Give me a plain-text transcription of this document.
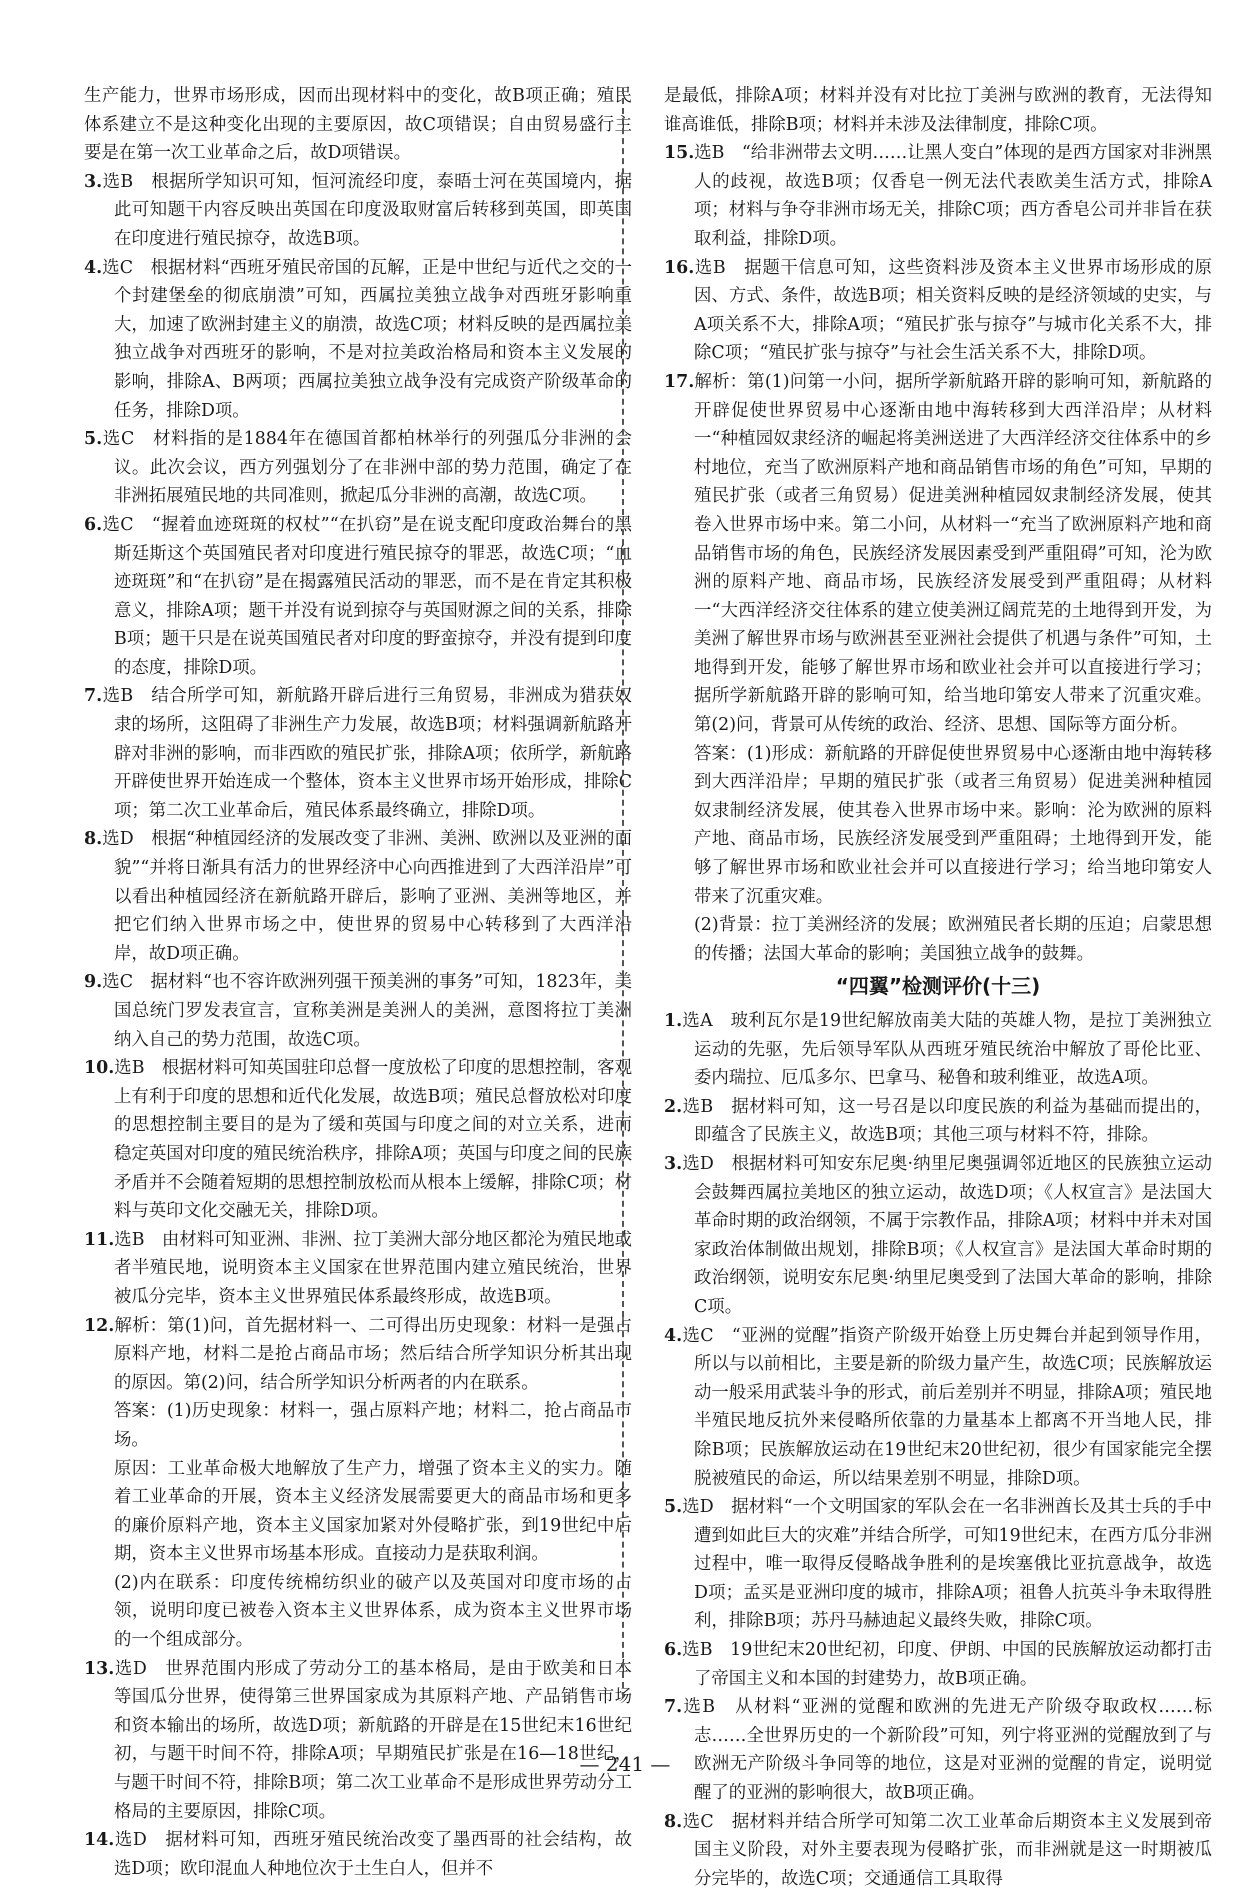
生产能力，世界市场形成，因而出现材料中的变化，故B项正确；殖民体系建立不是这种变化出现的主要原因，故C项错误；自由贸易盛行主要是在第一次工业革命之后，故D项错误。

3.选B　根据所学知识可知，恒河流经印度，泰晤士河在英国境内，据此可知题干内容反映出英国在印度汲取财富后转移到英国，即英国在印度进行殖民掠夺，故选B项。

4.选C　根据材料“西班牙殖民帝国的瓦解，正是中世纪与近代之交的一个封建堡垒的彻底崩溃”可知，西属拉美独立战争对西班牙影响重大，加速了欧洲封建主义的崩溃，故选C项；材料反映的是西属拉美独立战争对西班牙的影响，不是对拉美政治格局和资本主义发展的影响，排除A、B两项；西属拉美独立战争没有完成资产阶级革命的任务，排除D项。

5.选C　材料指的是1884年在德国首都柏林举行的列强瓜分非洲的会议。此次会议，西方列强划分了在非洲中部的势力范围，确定了在非洲拓展殖民地的共同准则，掀起瓜分非洲的高潮，故选C项。

6.选C　“握着血迹斑斑的权杖”“在扒窃”是在说支配印度政治舞台的黑斯廷斯这个英国殖民者对印度进行殖民掠夺的罪恶，故选C项；“血迹斑斑”和“在扒窃”是在揭露殖民活动的罪恶，而不是在肯定其积极意义，排除A项；题干并没有说到掠夺与英国财源之间的关系，排除B项；题干只是在说英国殖民者对印度的野蛮掠夺，并没有提到印度的态度，排除D项。

7.选B　结合所学可知，新航路开辟后进行三角贸易，非洲成为猎获奴隶的场所，这阻碍了非洲生产力发展，故选B项；材料强调新航路开辟对非洲的影响，而非西欧的殖民扩张，排除A项；依所学，新航路开辟使世界开始连成一个整体，资本主义世界市场开始形成，排除C项；第二次工业革命后，殖民体系最终确立，排除D项。

8.选D　根据“种植园经济的发展改变了非洲、美洲、欧洲以及亚洲的面貌”“并将日渐具有活力的世界经济中心向西推进到了大西洋沿岸”可以看出种植园经济在新航路开辟后，影响了亚洲、美洲等地区，并把它们纳入世界市场之中，使世界的贸易中心转移到了大西洋沿岸，故D项正确。

9.选C　据材料“也不容许欧洲列强干预美洲的事务”可知，1823年，美国总统门罗发表宣言，宣称美洲是美洲人的美洲，意图将拉丁美洲纳入自己的势力范围，故选C项。

10.选B　根据材料可知英国驻印总督一度放松了印度的思想控制，客观上有利于印度的思想和近代化发展，故选B项；殖民总督放松对印度的思想控制主要目的是为了缓和英国与印度之间的对立关系，进而稳定英国对印度的殖民统治秩序，排除A项；英国与印度之间的民族矛盾并不会随着短期的思想控制放松而从根本上缓解，排除C项；材料与英印文化交融无关，排除D项。

11.选B　由材料可知亚洲、非洲、拉丁美洲大部分地区都沦为殖民地或者半殖民地，说明资本主义国家在世界范围内建立殖民统治，世界被瓜分完毕，资本主义世界殖民体系最终形成，故选B项。

12.解析：第(1)问，首先据材料一、二可得出历史现象：材料一是强占原料产地，材料二是抢占商品市场；然后结合所学知识分析其出现的原因。第(2)问，结合所学知识分析两者的内在联系。

答案：(1)历史现象：材料一，强占原料产地；材料二，抢占商品市场。

原因：工业革命极大地解放了生产力，增强了资本主义的实力。随着工业革命的开展，资本主义经济发展需要更大的商品市场和更多的廉价原料产地，资本主义国家加紧对外侵略扩张，到19世纪中后期，资本主义世界市场基本形成。直接动力是获取利润。

(2)内在联系：印度传统棉纺织业的破产以及英国对印度市场的占领，说明印度已被卷入资本主义世界体系，成为资本主义世界市场的一个组成部分。

13.选D　世界范围内形成了劳动分工的基本格局，是由于欧美和日本等国瓜分世界，使得第三世界国家成为其原料产地、产品销售市场和资本输出的场所，故选D项；新航路的开辟是在15世纪末16世纪初，与题干时间不符，排除A项；早期殖民扩张是在16—18世纪，与题干时间不符，排除B项；第二次工业革命不是形成世界劳动分工格局的主要原因，排除C项。

14.选D　据材料可知，西班牙殖民统治改变了墨西哥的社会结构，故选D项；欧印混血人种地位次于土生白人，但并不

是最低，排除A项；材料并没有对比拉丁美洲与欧洲的教育，无法得知谁高谁低，排除B项；材料并未涉及法律制度，排除C项。

15.选B　“给非洲带去文明……让黑人变白”体现的是西方国家对非洲黑人的歧视，故选B项；仅香皂一例无法代表欧美生活方式，排除A项；材料与争夺非洲市场无关，排除C项；西方香皂公司并非旨在获取利益，排除D项。

16.选B　据题干信息可知，这些资料涉及资本主义世界市场形成的原因、方式、条件，故选B项；相关资料反映的是经济领域的史实，与A项关系不大，排除A项；“殖民扩张与掠夺”与城市化关系不大，排除C项；“殖民扩张与掠夺”与社会生活关系不大，排除D项。

17.解析：第(1)问第一小问，据所学新航路开辟的影响可知，新航路的开辟促使世界贸易中心逐渐由地中海转移到大西洋沿岸；从材料一“种植园奴隶经济的崛起将美洲送进了大西洋经济交往体系中的乡村地位，充当了欧洲原料产地和商品销售市场的角色”可知，早期的殖民扩张（或者三角贸易）促进美洲种植园奴隶制经济发展，使其卷入世界市场中来。第二小问，从材料一“充当了欧洲原料产地和商品销售市场的角色，民族经济发展因素受到严重阻碍”可知，沦为欧洲的原料产地、商品市场，民族经济发展受到严重阻碍；从材料一“大西洋经济交往体系的建立使美洲辽阔荒芜的土地得到开发，为美洲了解世界市场与欧洲甚至亚洲社会提供了机遇与条件”可知，土地得到开发，能够了解世界市场和欧业社会并可以直接进行学习；据所学新航路开辟的影响可知，给当地印第安人带来了沉重灾难。第(2)问，背景可从传统的政治、经济、思想、国际等方面分析。

答案：(1)形成：新航路的开辟促使世界贸易中心逐渐由地中海转移到大西洋沿岸；早期的殖民扩张（或者三角贸易）促进美洲种植园奴隶制经济发展，使其卷入世界市场中来。影响：沦为欧洲的原料产地、商品市场，民族经济发展受到严重阻碍；土地得到开发，能够了解世界市场和欧业社会并可以直接进行学习；给当地印第安人带来了沉重灾难。

(2)背景：拉丁美洲经济的发展；欧洲殖民者长期的压迫；启蒙思想的传播；法国大革命的影响；美国独立战争的鼓舞。

“四翼”检测评价(十三)

1.选A　玻利瓦尔是19世纪解放南美大陆的英雄人物，是拉丁美洲独立运动的先驱，先后领导军队从西班牙殖民统治中解放了哥伦比亚、委内瑞拉、厄瓜多尔、巴拿马、秘鲁和玻利维亚，故选A项。

2.选B　据材料可知，这一号召是以印度民族的利益为基础而提出的，即蕴含了民族主义，故选B项；其他三项与材料不符，排除。

3.选D　根据材料可知安东尼奥·纳里尼奥强调邻近地区的民族独立运动会鼓舞西属拉美地区的独立运动，故选D项；《人权宣言》是法国大革命时期的政治纲领，不属于宗教作品，排除A项；材料中并未对国家政治体制做出规划，排除B项；《人权宣言》是法国大革命时期的政治纲领，说明安东尼奥·纳里尼奥受到了法国大革命的影响，排除C项。

4.选C　“亚洲的觉醒”指资产阶级开始登上历史舞台并起到领导作用，所以与以前相比，主要是新的阶级力量产生，故选C项；民族解放运动一般采用武装斗争的形式，前后差别并不明显，排除A项；殖民地半殖民地反抗外来侵略所依靠的力量基本上都离不开当地人民，排除B项；民族解放运动在19世纪末20世纪初，很少有国家能完全摆脱被殖民的命运，所以结果差别不明显，排除D项。

5.选D　据材料“一个文明国家的军队会在一名非洲酋长及其士兵的手中遭到如此巨大的灾难”并结合所学，可知19世纪末，在西方瓜分非洲过程中，唯一取得反侵略战争胜利的是埃塞俄比亚抗意战争，故选D项；孟买是亚洲印度的城市，排除A项；祖鲁人抗英斗争未取得胜利，排除B项；苏丹马赫迪起义最终失败，排除C项。

6.选B　19世纪末20世纪初，印度、伊朗、中国的民族解放运动都打击了帝国主义和本国的封建势力，故B项正确。

7.选B　从材料“亚洲的觉醒和欧洲的先进无产阶级夺取政权……标志……全世界历史的一个新阶段”可知，列宁将亚洲的觉醒放到了与欧洲无产阶级斗争同等的地位，这是对亚洲的觉醒的肯定，说明觉醒了的亚洲的影响很大，故B项正确。

8.选C　据材料并结合所学可知第二次工业革命后期资本主义发展到帝国主义阶段，对外主要表现为侵略扩张，而非洲就是这一时期被瓜分完毕的，故选C项；交通通信工具取得

— 241 —
